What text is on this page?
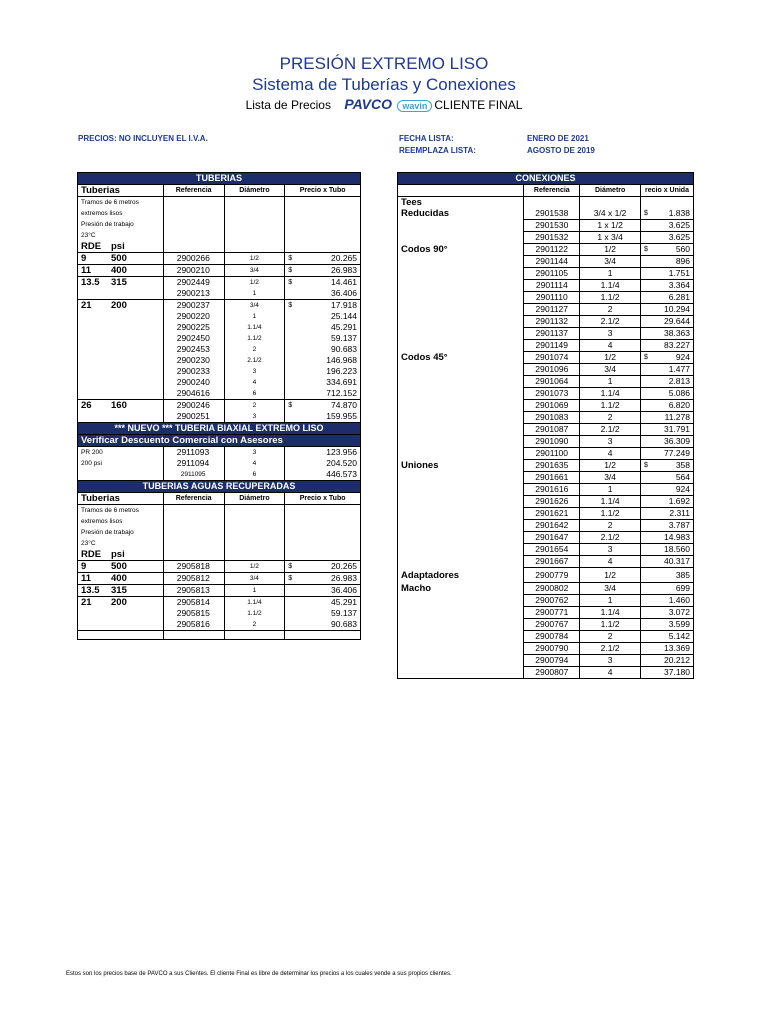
PRESIÓN EXTREMO LISO
Sistema de Tuberías y Conexiones
Lista de Precios PAVCO wavin CLIENTE FINAL
PRECIOS: NO INCLUYEN EL I.V.A.	FECHA LISTA:	ENERO DE 2021
REEMPLAZA LISTA:	AGOSTO DE 2019
TUBERIAS			
Tuberias	Referencia	Diámetro	Precio x Tubo
Tramos de 6 metros			
extremos lisos			
Presión de trabajo			
23°C			
RDE psi			
9 500	2900266	1/2	$ 20.265
11 400	2900210	3/4	$ 26.983
13.5 315	2902449	1/2	$ 14.461
	2900213	1	36.406
21 200	2900237	3/4	$ 17.918
	2900220	1	25.144
	2900225	1.1/4	45.291
	2902450	1.1/2	59.137
	2902453	2	90.683
	2900230	2.1/2	146.968
	2900233	3	196.223
	2900240	4	334.691
	2904616	6	712.152
26 160	2900246	2	$ 74.870
	2900251	3	159.955
*** NUEVO *** TUBERIA BIAXIAL EXTREMO LISO			
Verificar Descuento Comercial con Asesores			
PR 200	2911093	3	123.956
200 psi	2911094	4	204.520
	2911095	6	446.573
TUBERIAS AGUAS RECUPERADAS			
Tuberias	Referencia	Diámetro	Precio x Tubo
Tramos de 6 metros			
extremos lisos			
Presión de trabajo			
23°C			
RDE psi			
9 500	2905818	1/2	$ 20.265
11 400	2905812	3/4	$ 26.983
13.5 315	2905813	1	36.406
21 200	2905814	1.1/4	45.291
	2905815	1.1/2	59.137
	2905816	2	90.683

CONEXIONES			
	Referencia	Diámetro	recio x Unida
Tees			

Reducidas	2901538	3/4 x 1/2	$ 1.838
	2901530	1 x 1/2	3.625
	2901532	1 x 3/4	3.625
Codos 90°	2901122	1/2	$ 560
	2901144	3/4	896
	2901105	1	1.751
	2901114	1.1/4	3.364
	2901110	1.1/2	6.281
	2901127	2	10.294
	2901132	2.1/2	29.644
	2901137	3	38.363
	2901149	4	83.227
Codos 45°	2901074	1/2	$ 924
	2901096	3/4	1.477
	2901064	1	2.813
	2901073	1.1/4	5.086
	2901069	1.1/2	6.820
	2901083	2	11.278
	2901087	2.1/2	31.791
	2901090	3	36.309
	2901100	4	77.249
Uniones	2901635	1/2	$ 358
	2901661	3/4	564
	2901616	1	924
	2901626	1.1/4	1.692
	2901621	1.1/2	2.311
	2901642	2	3.787
	2901647	2.1/2	14.983
	2901654	3	18.560
	2901667	4	40.317
Adaptadores	2900779	1/2	385
Macho	2900802	3/4	699
	2900762	1	1.460
	2900771	1.1/4	3.072
	2900767	1.1/2	3.599
	2900784	2	5.142
	2900790	2.1/2	13.369
	2900794	3	20.212
	2900807	4	37.180
Estos son los precios base de PAVCO a sus Clientes. El cliente Final es libre de determinar los precios a los cuales vende a sus propios clientes.
